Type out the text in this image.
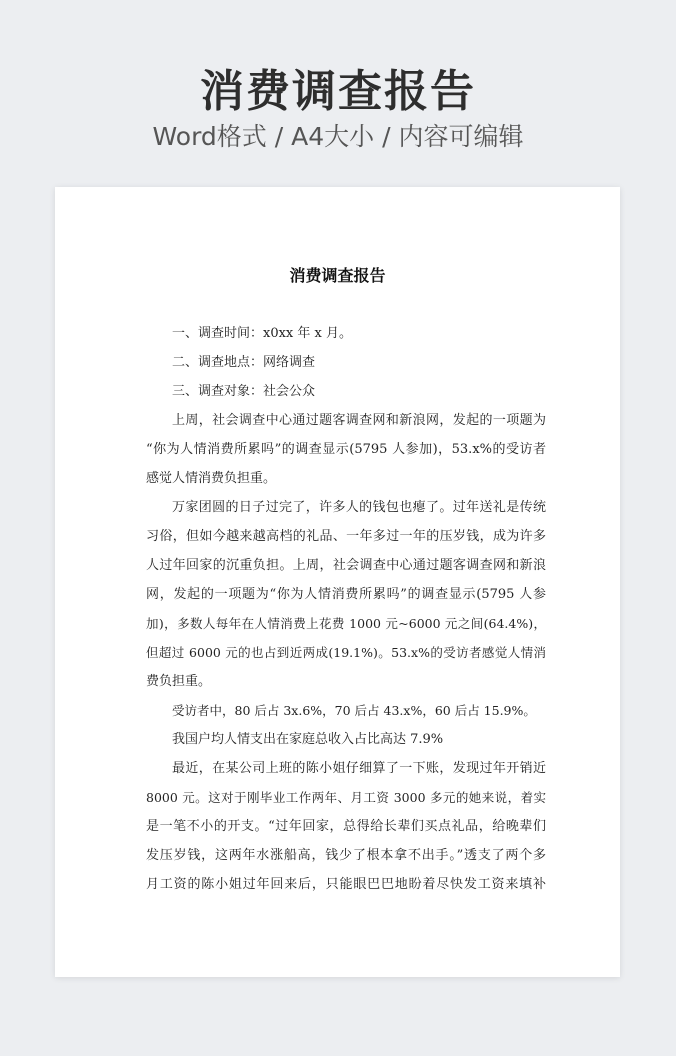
消费调查报告
Word格式 / A4大小 / 内容可编辑
消费调查报告
一、调查时间：x0xx 年 x 月。
二、调查地点：网络调查
三、调查对象：社会公众
上周，社会调查中心通过题客调查网和新浪网，发起的一项题为
“你为人情消费所累吗”的调查显示(5795 人参加)，53.x%的受访者
感觉人情消费负担重。
万家团圆的日子过完了，许多人的钱包也瘪了。过年送礼是传统
习俗，但如今越来越高档的礼品、一年多过一年的压岁钱，成为许多
人过年回家的沉重负担。上周，社会调查中心通过题客调查网和新浪
网，发起的一项题为“你为人情消费所累吗”的调查显示(5795 人参
加)，多数人每年在人情消费上花费 1000 元~6000 元之间(64.4%)，
但超过 6000 元的也占到近两成(19.1%)。53.x%的受访者感觉人情消
费负担重。
受访者中，80 后占 3x.6%，70 后占 43.x%，60 后占 15.9%。
我国户均人情支出在家庭总收入占比高达 7.9%
最近，在某公司上班的陈小姐仔细算了一下账，发现过年开销近
8000 元。这对于刚毕业工作两年、月工资 3000 多元的她来说，着实
是一笔不小的开支。“过年回家，总得给长辈们买点礼品，给晚辈们
发压岁钱，这两年水涨船高，钱少了根本拿不出手。”透支了两个多
月工资的陈小姐过年回来后，只能眼巴巴地盼着尽快发工资来填补
